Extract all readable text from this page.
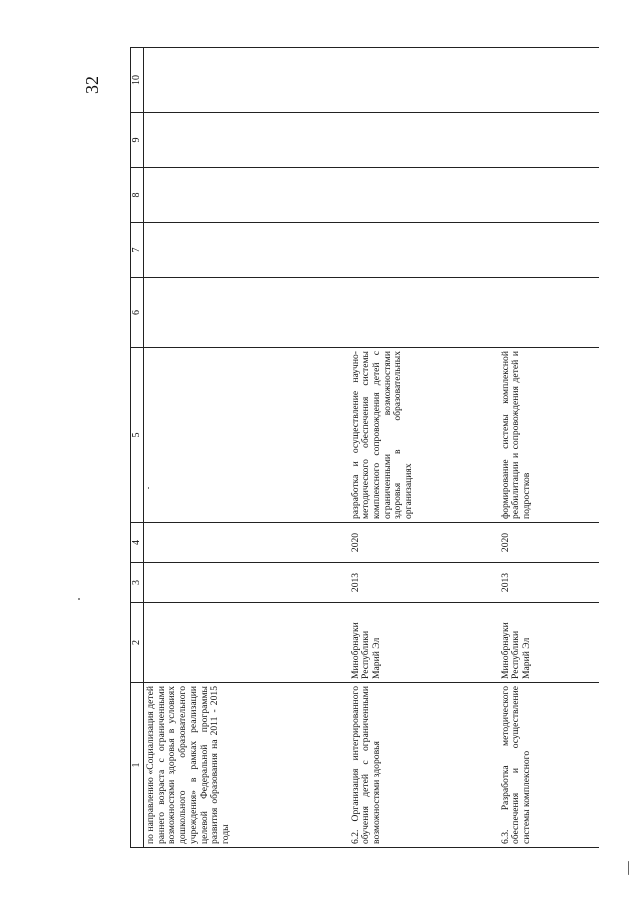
32
1	2	3	4	5	6	7	8	9	10
по направлению «Социализация детей раннего возраста с ограниченными возможностями здоровья в условиях дошкольного образовательного учреждения» в рамках реализации целевой Федеральной программы развития образования на 2011 - 2015 годы									
6.2. Организация интегрированного обучения детей с ограниченными возможностями здоровья	Минобрнауки Республики Марий Эл	2013	2020	разработка и осуществление научно-методического обеспечения системы комплексного сопровождения детей с ограниченными возможностями здоровья в образовательных организациях					
6.3. Разработка методического обеспечения и осуществление системы комплексного	Минобрнауки Республики Марий Эл	2013	2020	формирование системы комплексной реабилитации и сопровождения детей и подростков					
